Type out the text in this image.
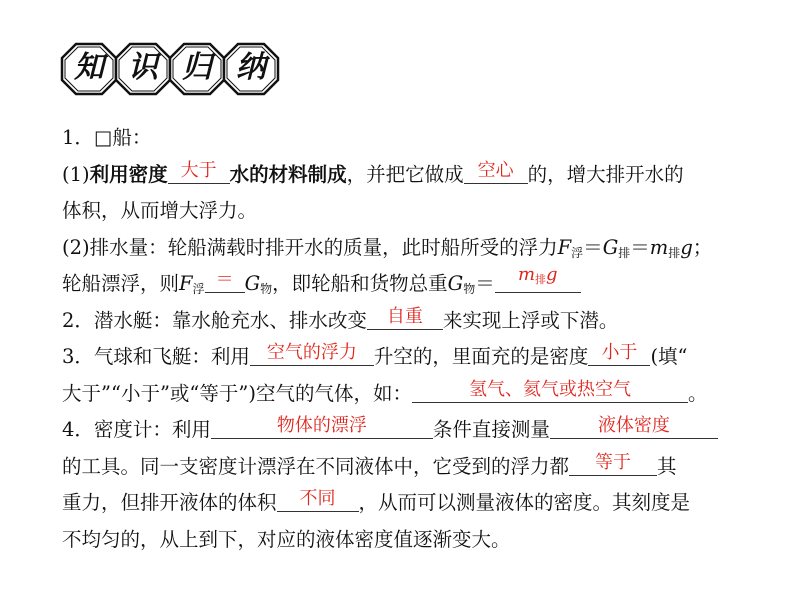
知 识 归 纳
1．□船：
(1)利用密度 大于 水的材料制成，并把它做成 空心 的，增大排开水的
体积，从而增大浮力。
(2)排水量：轮船满载时排开水的质量，此时船所受的浮力$F_浮=G_排=m_排g$；
轮船漂浮，则$F_浮 = G_物$，即轮船和货物总重$G_物=$	$m_排g$
2．潜水艇：靠水舱充水、排水改变	自重	来实现上浮或下潜。
3．气球和飞艇：利用 空气的浮力 升空的，里面充的是密度 小于 (填“
大于”“小于”或“等于”)空气的气体，如：	氢气、氦气或热空气	。
4．密度计：利用	物体的漂浮	条件直接测量	液体密度
的工具。同一支密度计漂浮在不同液体中，它受到的浮力都	等于	其
重力，但排开液体的体积	不同	，从而可以测量液体的密度。其刻度是
不均匀的，从上到下，对应的液体密度值逐渐变大。
